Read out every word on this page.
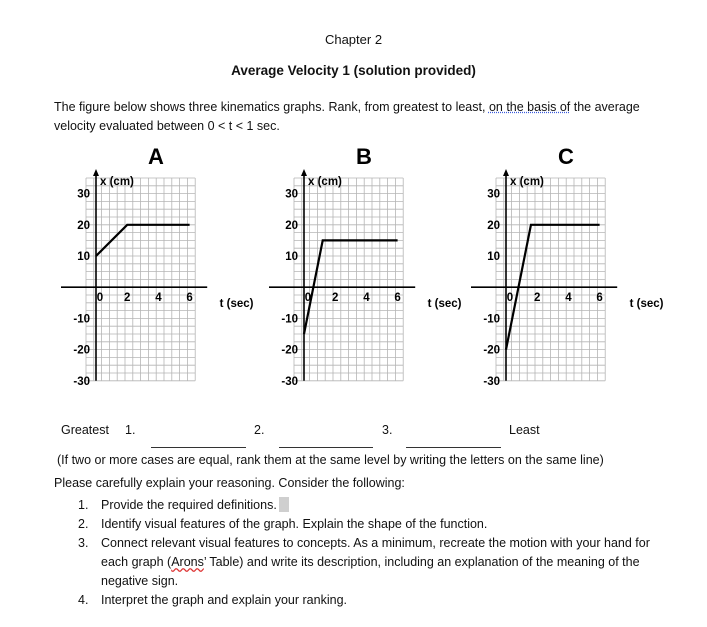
Chapter 2
Average Velocity 1 (solution provided)
The figure below shows three kinematics graphs. Rank, from greatest to least, on the basis of the average velocity evaluated between 0 < t < 1 sec.
A
x (cm)
t (sec)
0 2 4 6
30
20
10
-10
-20
-30
B
x (cm)
t (sec)
0 2 4 6
30
20
10
-10
-20
-30
C
x (cm)
t (sec)
0 2 4 6
30
20
10
-10
-20
-30
Greatest 1.	2.	3.	Least
(If two or more cases are equal, rank them at the same level by writing the letters on the same line)
Please carefully explain your reasoning. Consider the following:
1. Provide the required definitions.
2. Identify visual features of the graph. Explain the shape of the function.
3. Connect relevant visual features to concepts. As a minimum, recreate the motion with your hand for each graph (Arons’ Table) and write its description, including an explanation of the meaning of the negative sign.
4. Interpret the graph and explain your ranking.
